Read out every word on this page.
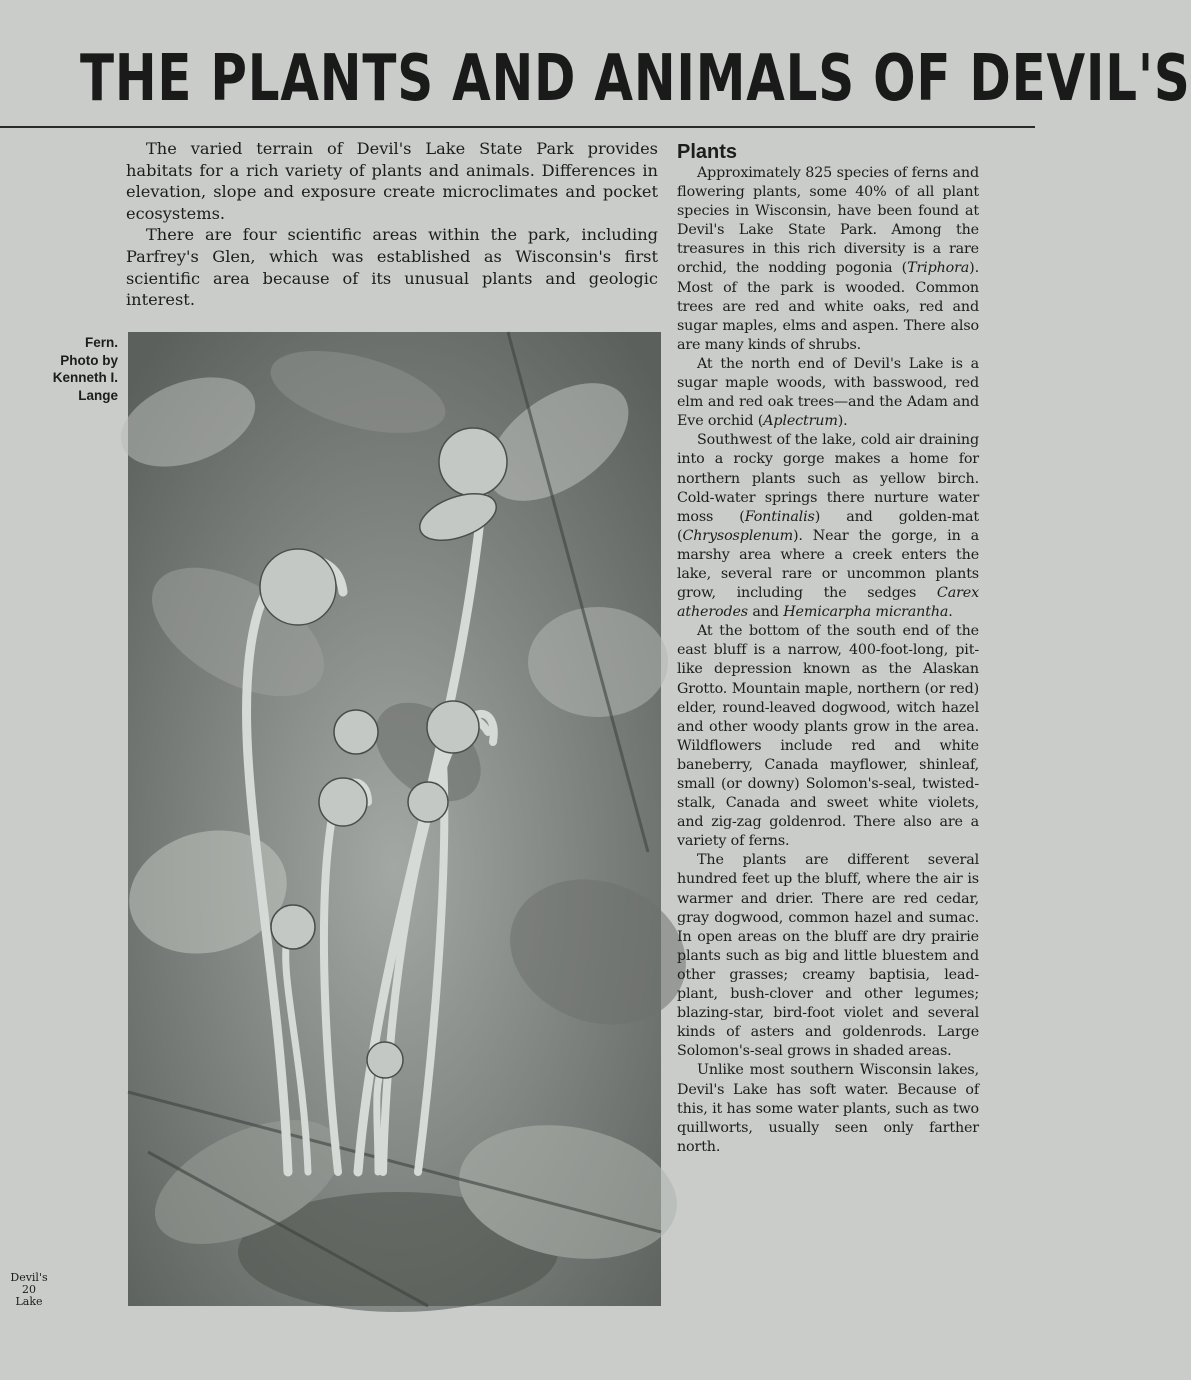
THE PLANTS AND ANIMALS OF DEVIL'S

The varied terrain of Devil's Lake State Park provides habitats for a rich variety of plants and animals. Differences in elevation, slope and exposure create microclimates and pocket ecosystems.

There are four scientific areas within the park, including Parfrey's Glen, which was established as Wisconsin's first scientific area because of its unusual plants and geologic interest.

Fern.
Photo by
Kenneth I.
Lange
Plants

Approximately 825 species of ferns and flowering plants, some 40% of all plant species in Wisconsin, have been found at Devil's Lake State Park. Among the treasures in this rich diversity is a rare orchid, the nodding pogonia (Triphora). Most of the park is wooded. Common trees are red and white oaks, red and sugar maples, elms and aspen. There also are many kinds of shrubs.

At the north end of Devil's Lake is a sugar maple woods, with basswood, red elm and red oak trees—and the Adam and Eve orchid (Aplectrum).

Southwest of the lake, cold air draining into a rocky gorge makes a home for northern plants such as yellow birch. Cold-water springs there nurture water moss (Fontinalis) and golden-mat (Chrysosplenum). Near the gorge, in a marshy area where a creek enters the lake, several rare or uncommon plants grow, including the sedges Carex atherodes and Hemicarpha micrantha.

At the bottom of the south end of the east bluff is a narrow, 400-foot-long, pit-like depression known as the Alaskan Grotto. Mountain maple, northern (or red) elder, round-leaved dogwood, witch hazel and other woody plants grow in the area. Wildflowers include red and white baneberry, Canada mayflower, shinleaf, small (or downy) Solomon's-seal, twisted-stalk, Canada and sweet white violets, and zig-zag goldenrod. There also are a variety of ferns.

The plants are different several hundred feet up the bluff, where the air is warmer and drier. There are red cedar, gray dogwood, common hazel and sumac. In open areas on the bluff are dry prairie plants such as big and little bluestem and other grasses; creamy baptisia, lead-plant, bush-clover and other legumes; blazing-star, bird-foot violet and several kinds of asters and goldenrods. Large Solomon's-seal grows in shaded areas.

Unlike most southern Wisconsin lakes, Devil's Lake has soft water. Because of this, it has some water plants, such as two quillworts, usually seen only farther north.

Devil's
20
Lake
